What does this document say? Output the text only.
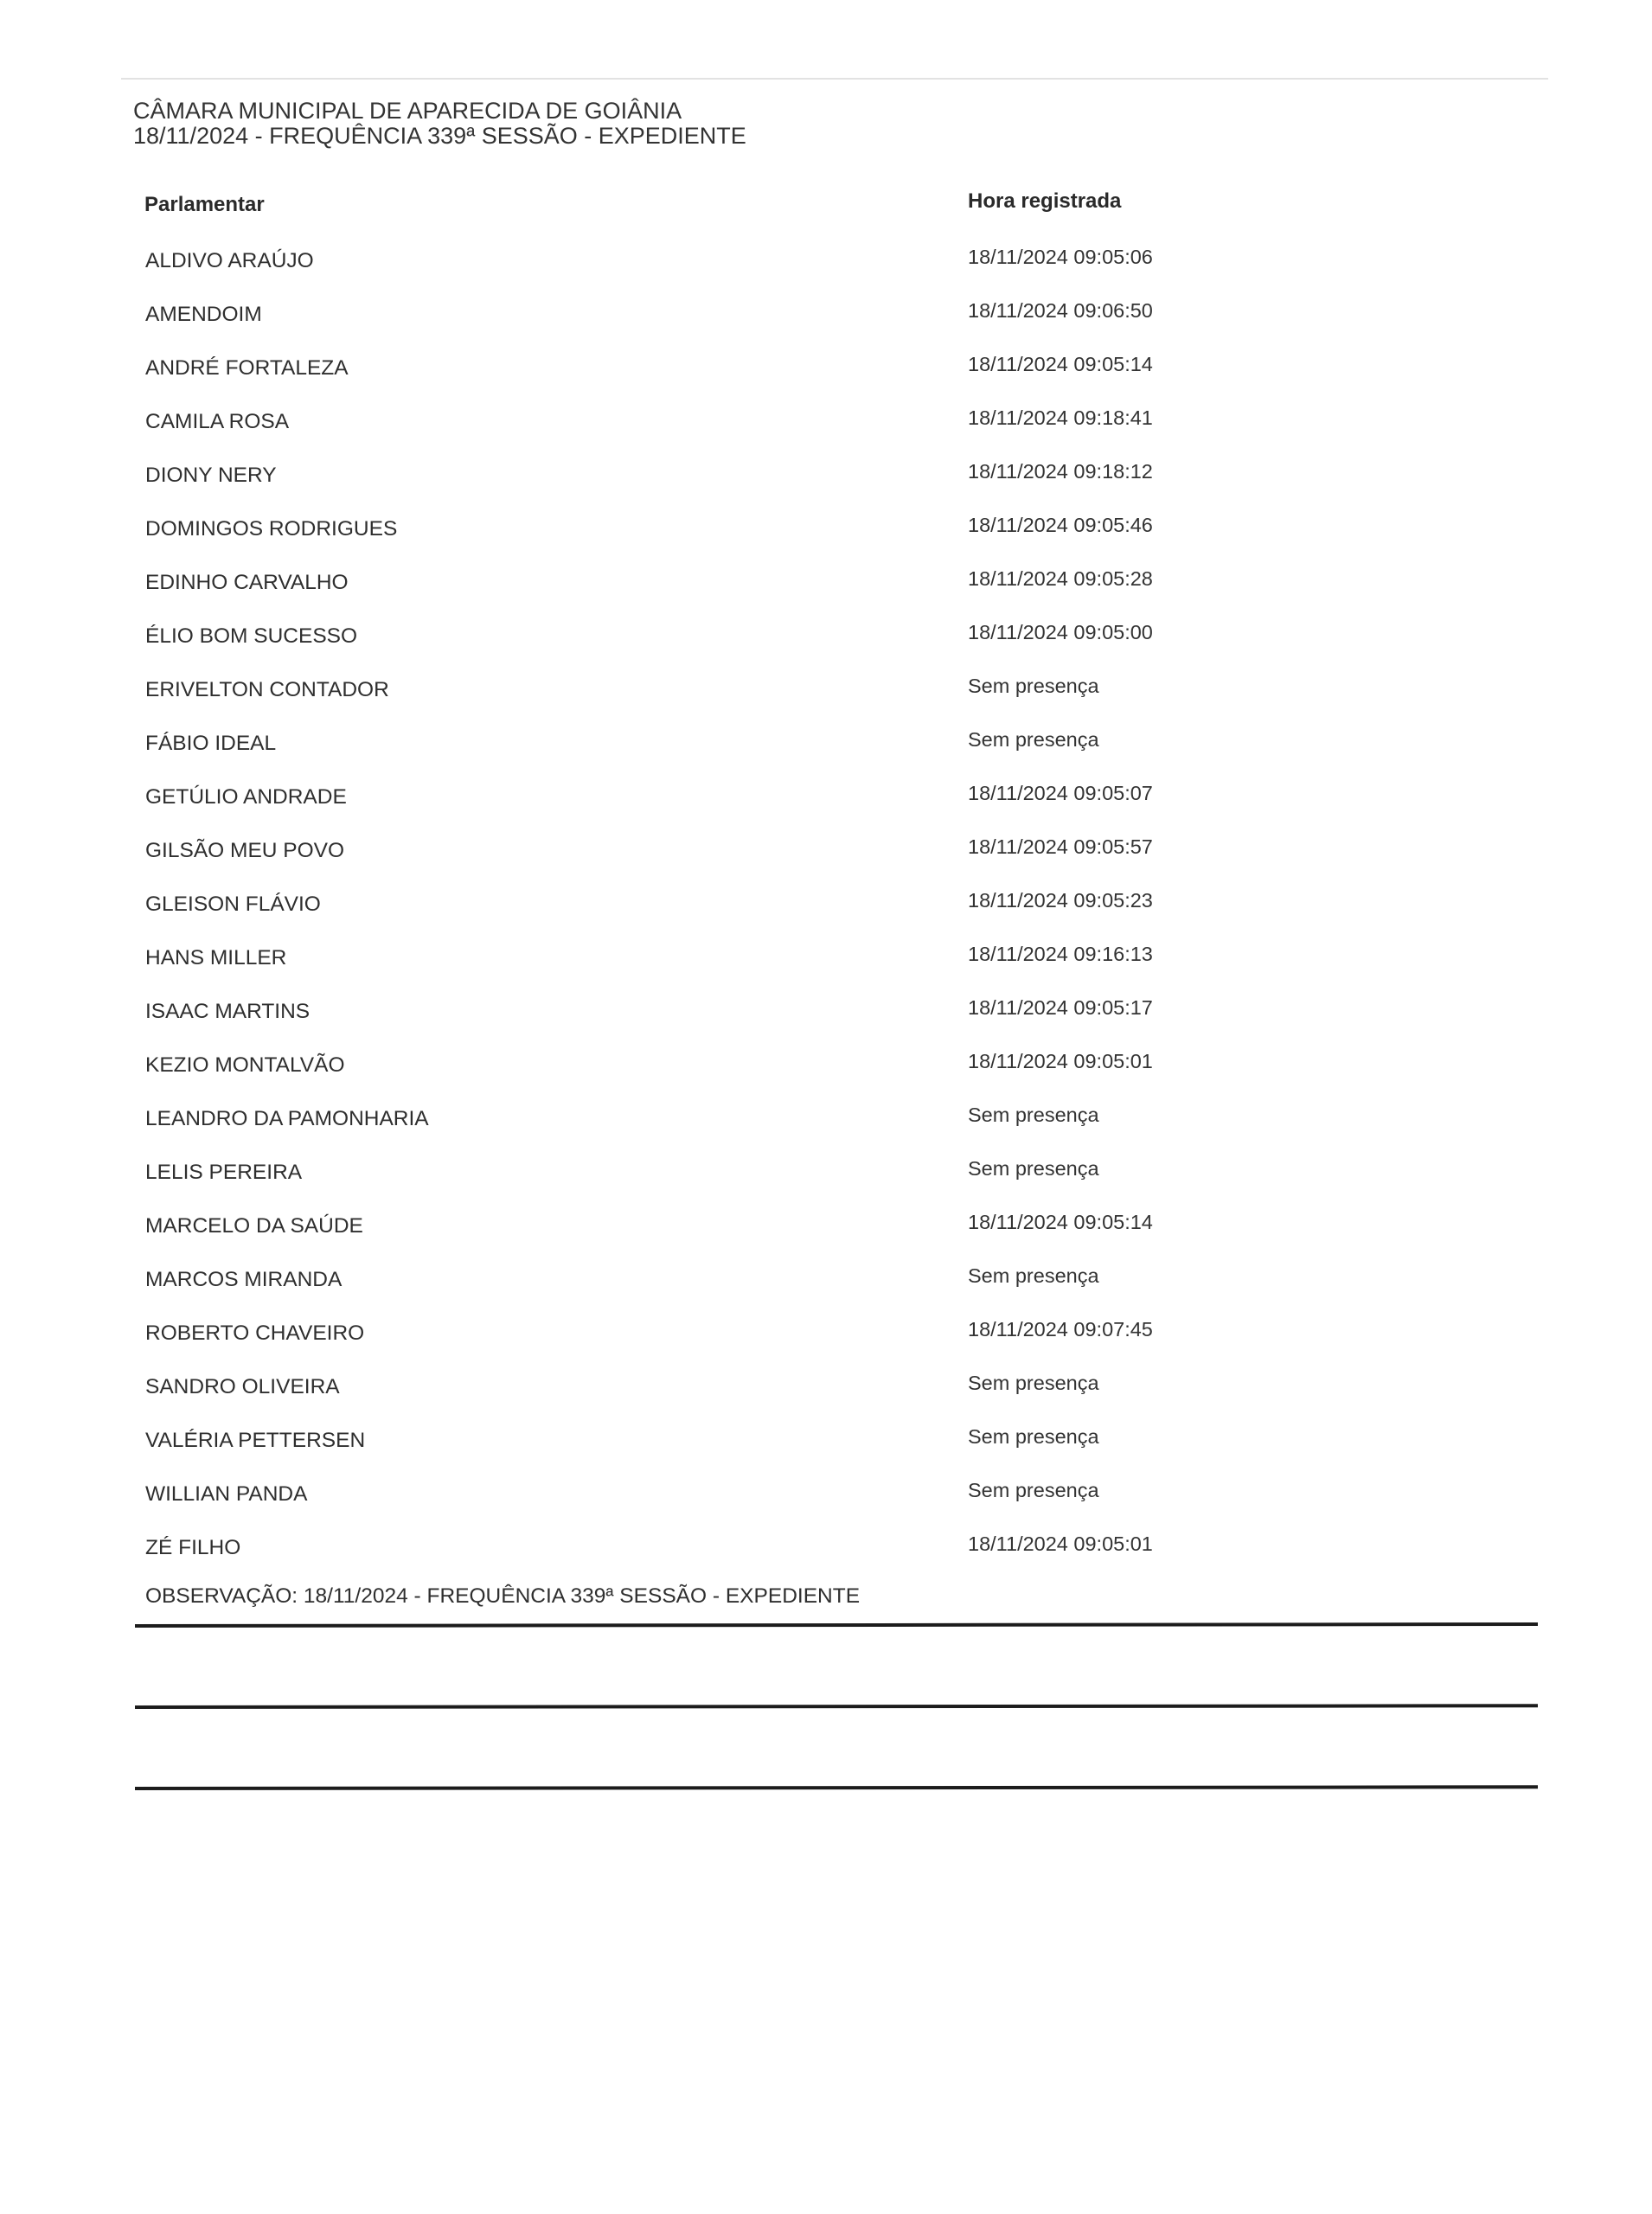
CÂMARA MUNICIPAL DE APARECIDA DE GOIÂNIA
18/11/2024 - FREQUÊNCIA 339ª SESSÃO - EXPEDIENTE
Parlamentar	Hora registrada
ALDIVO ARAÚJO	18/11/2024 09:05:06
AMENDOIM	18/11/2024 09:06:50
ANDRÉ FORTALEZA	18/11/2024 09:05:14
CAMILA ROSA	18/11/2024 09:18:41
DIONY NERY	18/11/2024 09:18:12
DOMINGOS RODRIGUES	18/11/2024 09:05:46
EDINHO CARVALHO	18/11/2024 09:05:28
ÉLIO BOM SUCESSO	18/11/2024 09:05:00
ERIVELTON CONTADOR	Sem presença
FÁBIO IDEAL	Sem presença
GETÚLIO ANDRADE	18/11/2024 09:05:07
GILSÃO MEU POVO	18/11/2024 09:05:57
GLEISON FLÁVIO	18/11/2024 09:05:23
HANS MILLER	18/11/2024 09:16:13
ISAAC MARTINS	18/11/2024 09:05:17
KEZIO MONTALVÃO	18/11/2024 09:05:01
LEANDRO DA PAMONHARIA	Sem presença
LELIS PEREIRA	Sem presença
MARCELO DA SAÚDE	18/11/2024 09:05:14
MARCOS MIRANDA	Sem presença
ROBERTO CHAVEIRO	18/11/2024 09:07:45
SANDRO OLIVEIRA	Sem presença
VALÉRIA PETTERSEN	Sem presença
WILLIAN PANDA	Sem presença
ZÉ FILHO	18/11/2024 09:05:01
OBSERVAÇÃO: 18/11/2024 - FREQUÊNCIA 339ª SESSÃO - EXPEDIENTE
